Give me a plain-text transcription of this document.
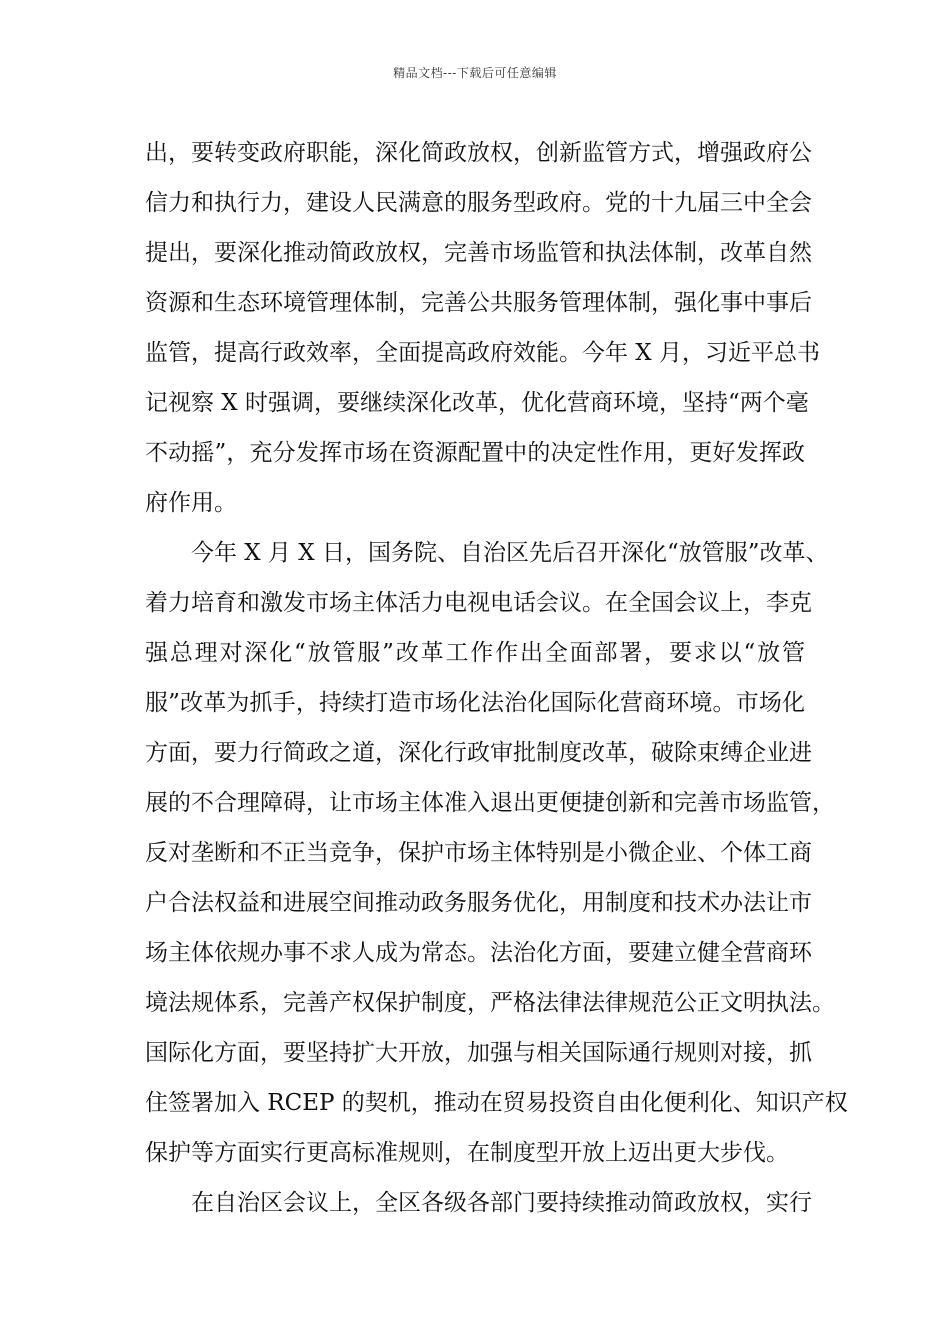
精品文档---下载后可任意编辑
出，要转变政府职能，深化简政放权，创新监管方式，增强政府公
信力和执行力，建设人民满意的服务型政府。党的十九届三中全会
提出，要深化推动简政放权，完善市场监管和执法体制，改革自然
资源和生态环境管理体制，完善公共服务管理体制，强化事中事后
监管，提高行政效率，全面提高政府效能。今年 X 月，习近平总书
记视察 X 时强调，要继续深化改革，优化营商环境，坚持“两个毫
不动摇”，充分发挥市场在资源配置中的决定性作用，更好发挥政
府作用。
今年 X 月 X 日，国务院、自治区先后召开深化“放管服”改革、
着力培育和激发市场主体活力电视电话会议。在全国会议上，李克
强总理对深化“放管服”改革工作作出全面部署，要求以“放管
服”改革为抓手，持续打造市场化法治化国际化营商环境。市场化
方面，要力行简政之道，深化行政审批制度改革，破除束缚企业进
展的不合理障碍，让市场主体准入退出更便捷创新和完善市场监管，
反对垄断和不正当竞争，保护市场主体特别是小微企业、个体工商
户合法权益和进展空间推动政务服务优化，用制度和技术办法让市
场主体依规办事不求人成为常态。法治化方面，要建立健全营商环
境法规体系，完善产权保护制度，严格法律法律规范公正文明执法。
国际化方面，要坚持扩大开放，加强与相关国际通行规则对接，抓
住签署加入 RCEP 的契机，推动在贸易投资自由化便利化、知识产权
保护等方面实行更高标准规则，在制度型开放上迈出更大步伐。
在自治区会议上，全区各级各部门要持续推动简政放权，实行
